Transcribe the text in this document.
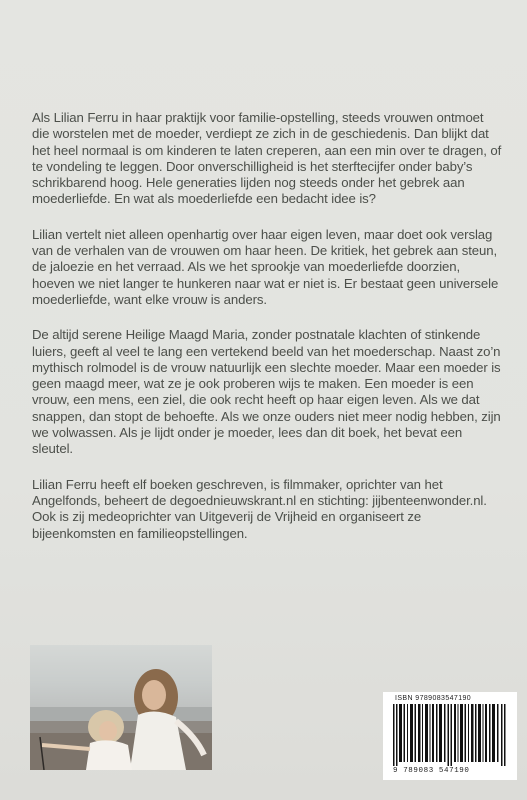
Als Lilian Ferru in haar praktijk voor familie-opstelling, steeds vrouwen ontmoet die worstelen met de moeder, verdiept ze zich in de geschiedenis. Dan blijkt dat het heel normaal is om kinderen te laten creperen, aan een min over te dragen, of te vondeling te leggen. Door onverschilligheid is het sterftecijfer onder baby’s schrikbarend hoog. Hele generaties lijden nog steeds onder het gebrek aan moederliefde. En wat als moederliefde een bedacht idee is?

Lilian vertelt niet alleen openhartig over haar eigen leven, maar doet ook verslag van de verhalen van de vrouwen om haar heen. De kritiek, het gebrek aan steun, de jaloezie en het verraad. Als we het sprookje van moederliefde doorzien, hoeven we niet langer te hunkeren naar wat er niet is. Er bestaat geen universele moederliefde, want elke vrouw is anders.

De altijd serene Heilige Maagd Maria, zonder postnatale klachten of stinkende luiers, geeft al veel te lang een vertekend beeld van het moederschap. Naast zo’n mythisch rolmodel is de vrouw natuurlijk een slechte moeder. Maar een moeder is geen maagd meer, wat ze je ook proberen wijs te maken. Een moeder is een vrouw, een mens, een ziel, die ook recht heeft op haar eigen leven. Als we dat snappen, dan stopt de behoefte. Als we onze ouders niet meer nodig hebben, zijn we volwassen. Als je lijdt onder je moeder, lees dan dit boek, het bevat een sleutel.

Lilian Ferru heeft elf boeken geschreven, is filmmaker, oprichter van het Angelfonds, beheert de degoednieuwskrant.nl en stichting: jijbenteenwonder.nl. Ook is zij medeoprichter van Uitgeverij de Vrijheid en organiseert ze bijeenkomsten en familieopstellingen.

ISBN 9789083547190
9 789083 547190
